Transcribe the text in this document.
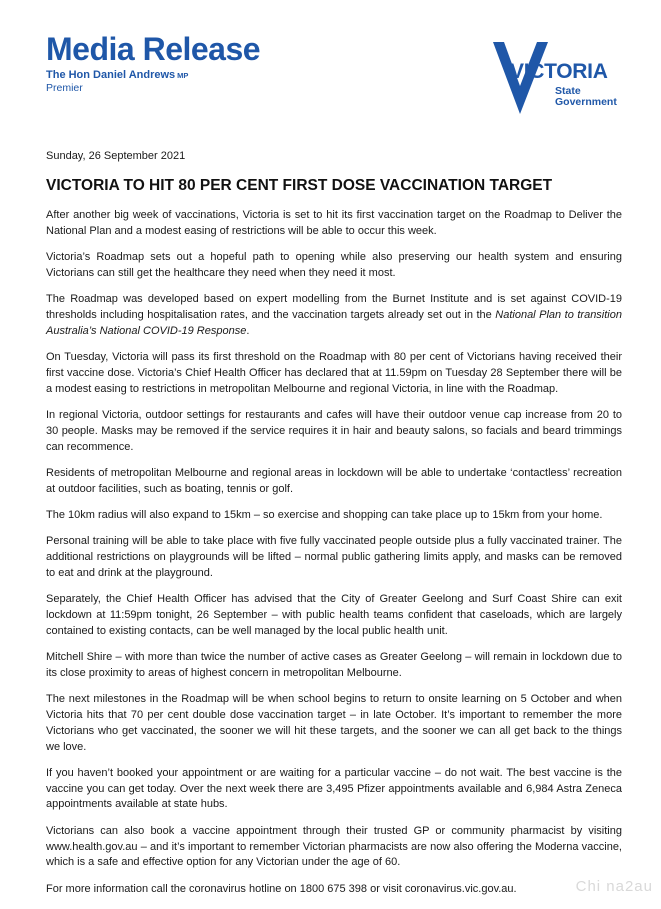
Media Release
The Hon Daniel Andrews MP
Premier
VICTORIA
State
Government
Sunday, 26 September 2021
VICTORIA TO HIT 80 PER CENT FIRST DOSE VACCINATION TARGET

After another big week of vaccinations, Victoria is set to hit its first vaccination target on the Roadmap to Deliver the National Plan and a modest easing of restrictions will be able to occur this week.

Victoria’s Roadmap sets out a hopeful path to opening while also preserving our health system and ensuring Victorians can still get the healthcare they need when they need it most.

The Roadmap was developed based on expert modelling from the Burnet Institute and is set against COVID-19 thresholds including hospitalisation rates, and the vaccination targets already set out in the National Plan to transition Australia’s National COVID-19 Response.

On Tuesday, Victoria will pass its first threshold on the Roadmap with 80 per cent of Victorians having received their first vaccine dose. Victoria’s Chief Health Officer has declared that at 11.59pm on Tuesday 28 September there will be a modest easing to restrictions in metropolitan Melbourne and regional Victoria, in line with the Roadmap.

In regional Victoria, outdoor settings for restaurants and cafes will have their outdoor venue cap increase from 20 to 30 people. Masks may be removed if the service requires it in hair and beauty salons, so facials and beard trimmings can recommence.

Residents of metropolitan Melbourne and regional areas in lockdown will be able to undertake ‘contactless’ recreation at outdoor facilities, such as boating, tennis or golf.

The 10km radius will also expand to 15km – so exercise and shopping can take place up to 15km from your home.

Personal training will be able to take place with five fully vaccinated people outside plus a fully vaccinated trainer. The additional restrictions on playgrounds will be lifted – normal public gathering limits apply, and masks can be removed to eat and drink at the playground.

Separately, the Chief Health Officer has advised that the City of Greater Geelong and Surf Coast Shire can exit lockdown at 11:59pm tonight, 26 September – with public health teams confident that caseloads, which are largely contained to existing contacts, can be well managed by the local public health unit.

Mitchell Shire – with more than twice the number of active cases as Greater Geelong – will remain in lockdown due to its close proximity to areas of highest concern in metropolitan Melbourne.

The next milestones in the Roadmap will be when school begins to return to onsite learning on 5 October and when Victoria hits that 70 per cent double dose vaccination target – in late October. It’s important to remember the more Victorians who get vaccinated, the sooner we will hit these targets, and the sooner we can all get back to the things we love.

If you haven’t booked your appointment or are waiting for a particular vaccine – do not wait. The best vaccine is the vaccine you can get today. Over the next week there are 3,495 Pfizer appointments available and 6,984 Astra Zeneca appointments available at state hubs.

Victorians can also book a vaccine appointment through their trusted GP or community pharmacist by visiting www.health.gov.au – and it’s important to remember Victorian pharmacists are now also offering the Moderna vaccine, which is a safe and effective option for any Victorian under the age of 60.

For more information call the coronavirus hotline on 1800 675 398 or visit coronavirus.vic.gov.au.	Chi na2au
